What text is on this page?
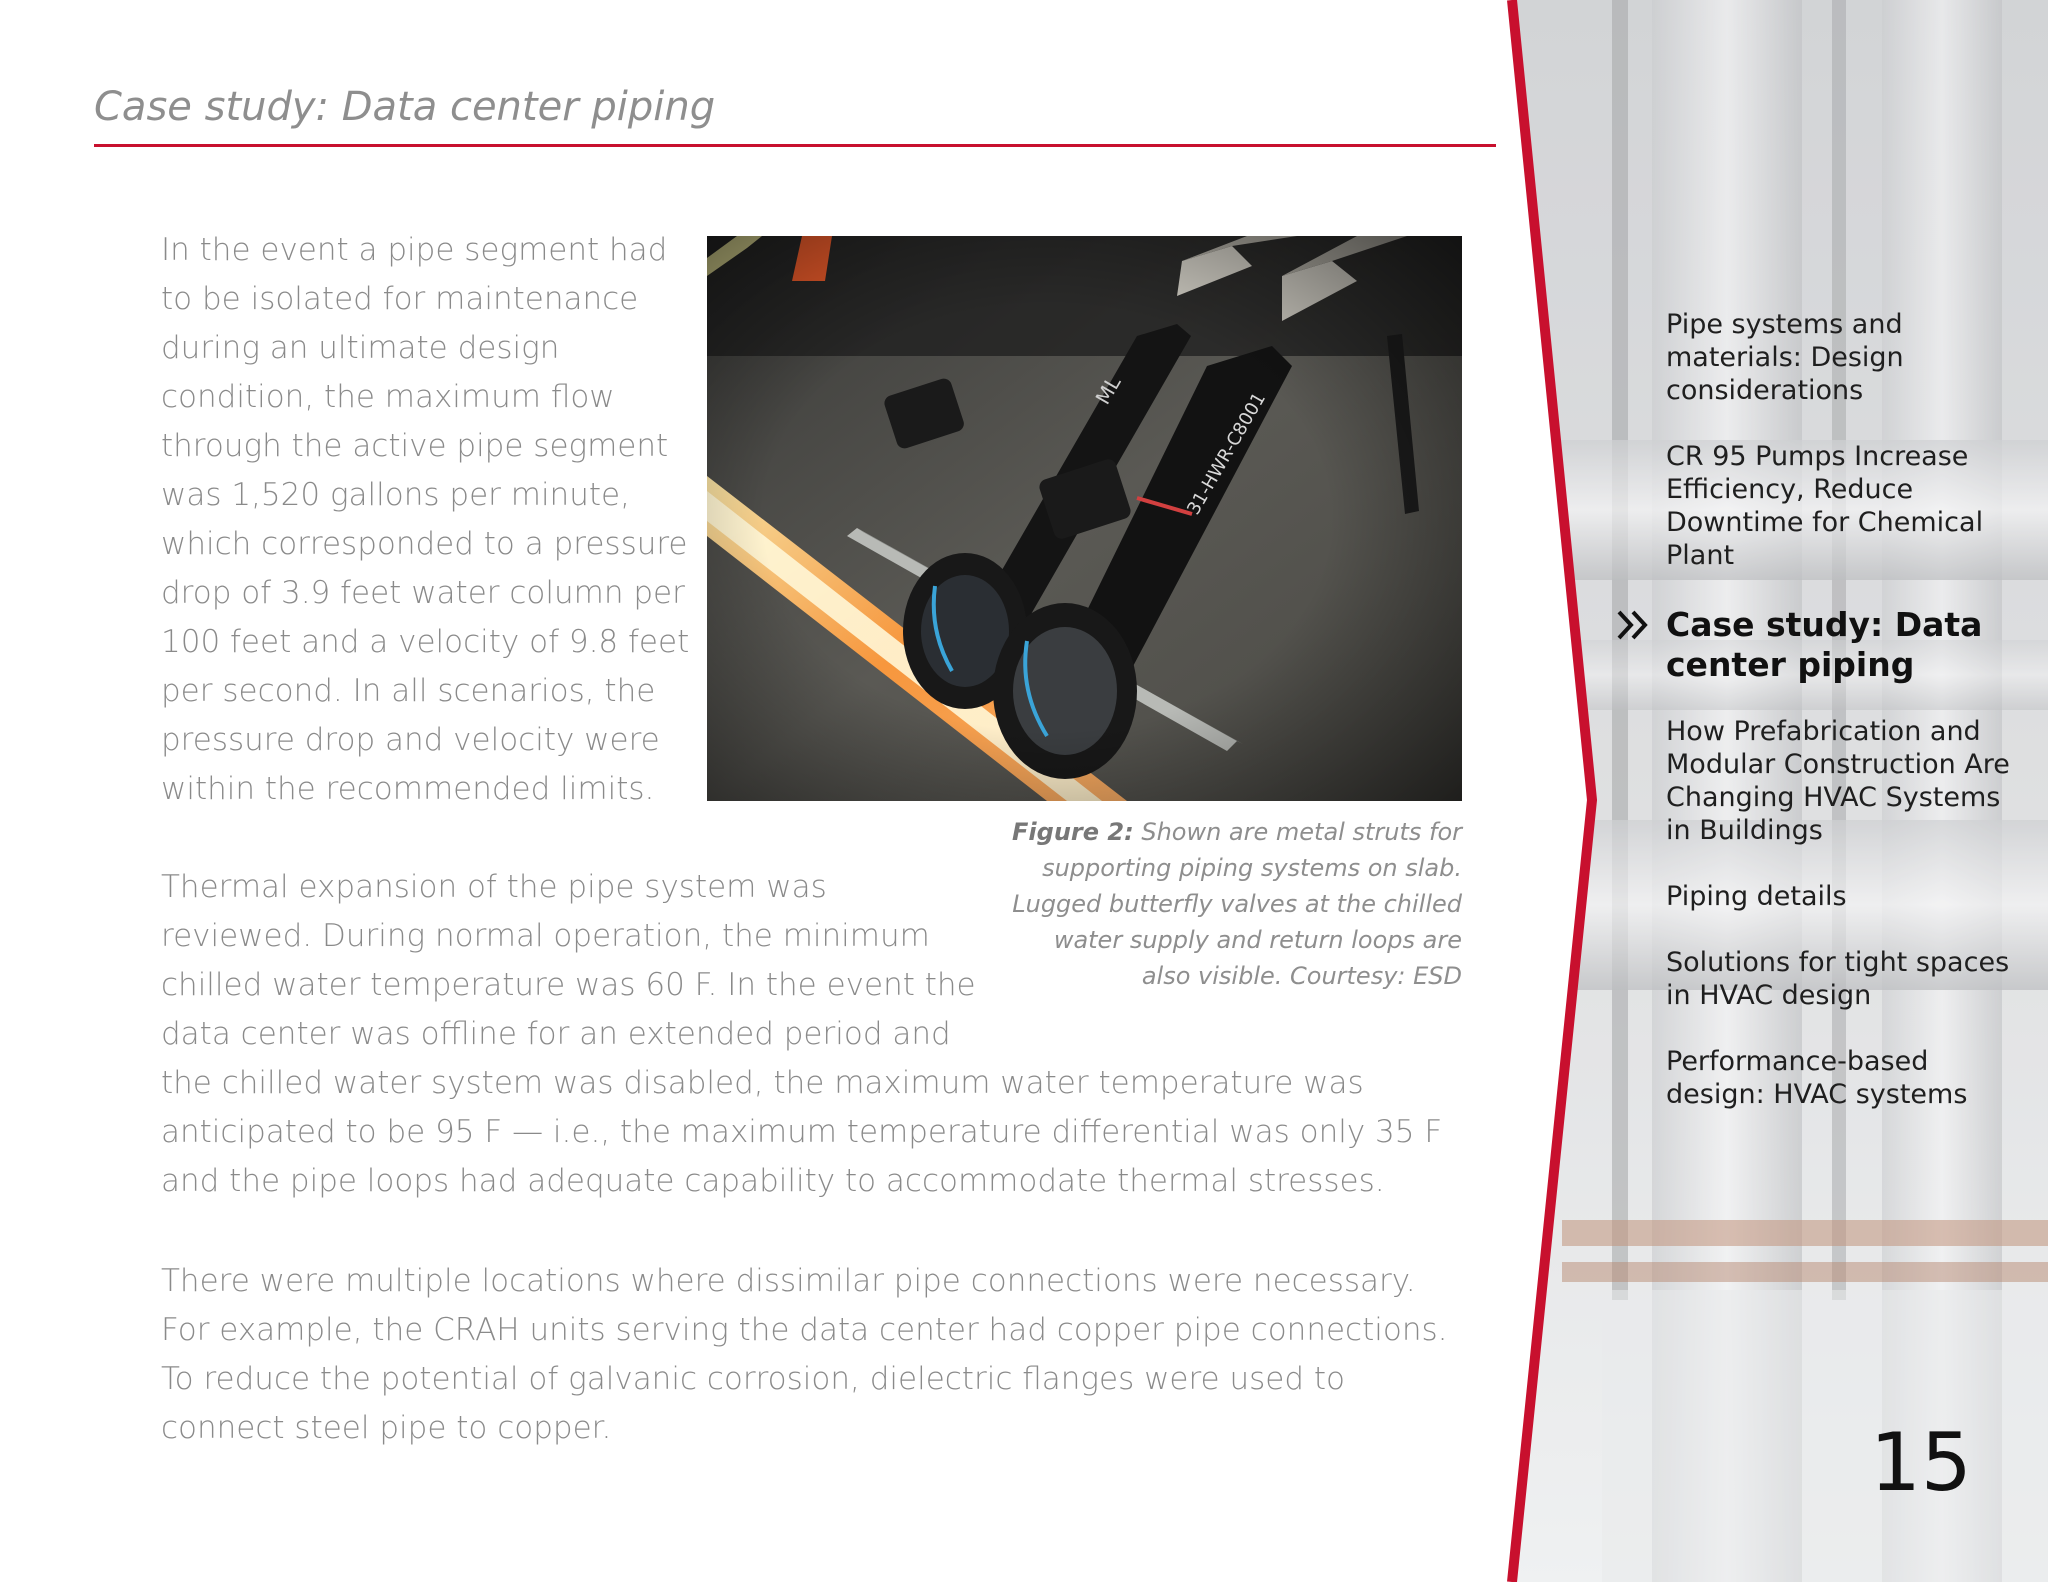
Case study: Data center piping

In the event a pipe segment had to be isolated for maintenance during an ultimate design condition, the maximum flow through the active pipe segment was 1,520 gallons per minute, which corresponded to a pressure drop of 3.9 feet water column per 100 feet and a velocity of 9.8 feet per second. In all scenarios, the pressure drop and velocity were within the recommended limits.

Figure 2: Shown are metal struts for supporting piping systems on slab. Lugged butterfly valves at the chilled water supply and return loops are also visible. Courtesy: ESD

Thermal expansion of the pipe system was reviewed. During normal operation, the minimum chilled water temperature was 60 F. In the event the data center was offline for an extended period and the chilled water system was disabled, the maximum water temperature was anticipated to be 95 F — i.e., the maximum temperature differential was only 35 F and the pipe loops had adequate capability to accommodate thermal stresses.

There were multiple locations where dissimilar pipe connections were necessary. For example, the CRAH units serving the data center had copper pipe connections. To reduce the potential of galvanic corrosion, dielectric flanges were used to connect steel pipe to copper.

Pipe systems and materials: Design considerations
CR 95 Pumps Increase Efficiency, Reduce Downtime for Chemical Plant
Case study: Data center piping
How Prefabrication and Modular Construction Are Changing HVAC Systems in Buildings
Piping details
Solutions for tight spaces in HVAC design
Performance-based design: HVAC systems

15
